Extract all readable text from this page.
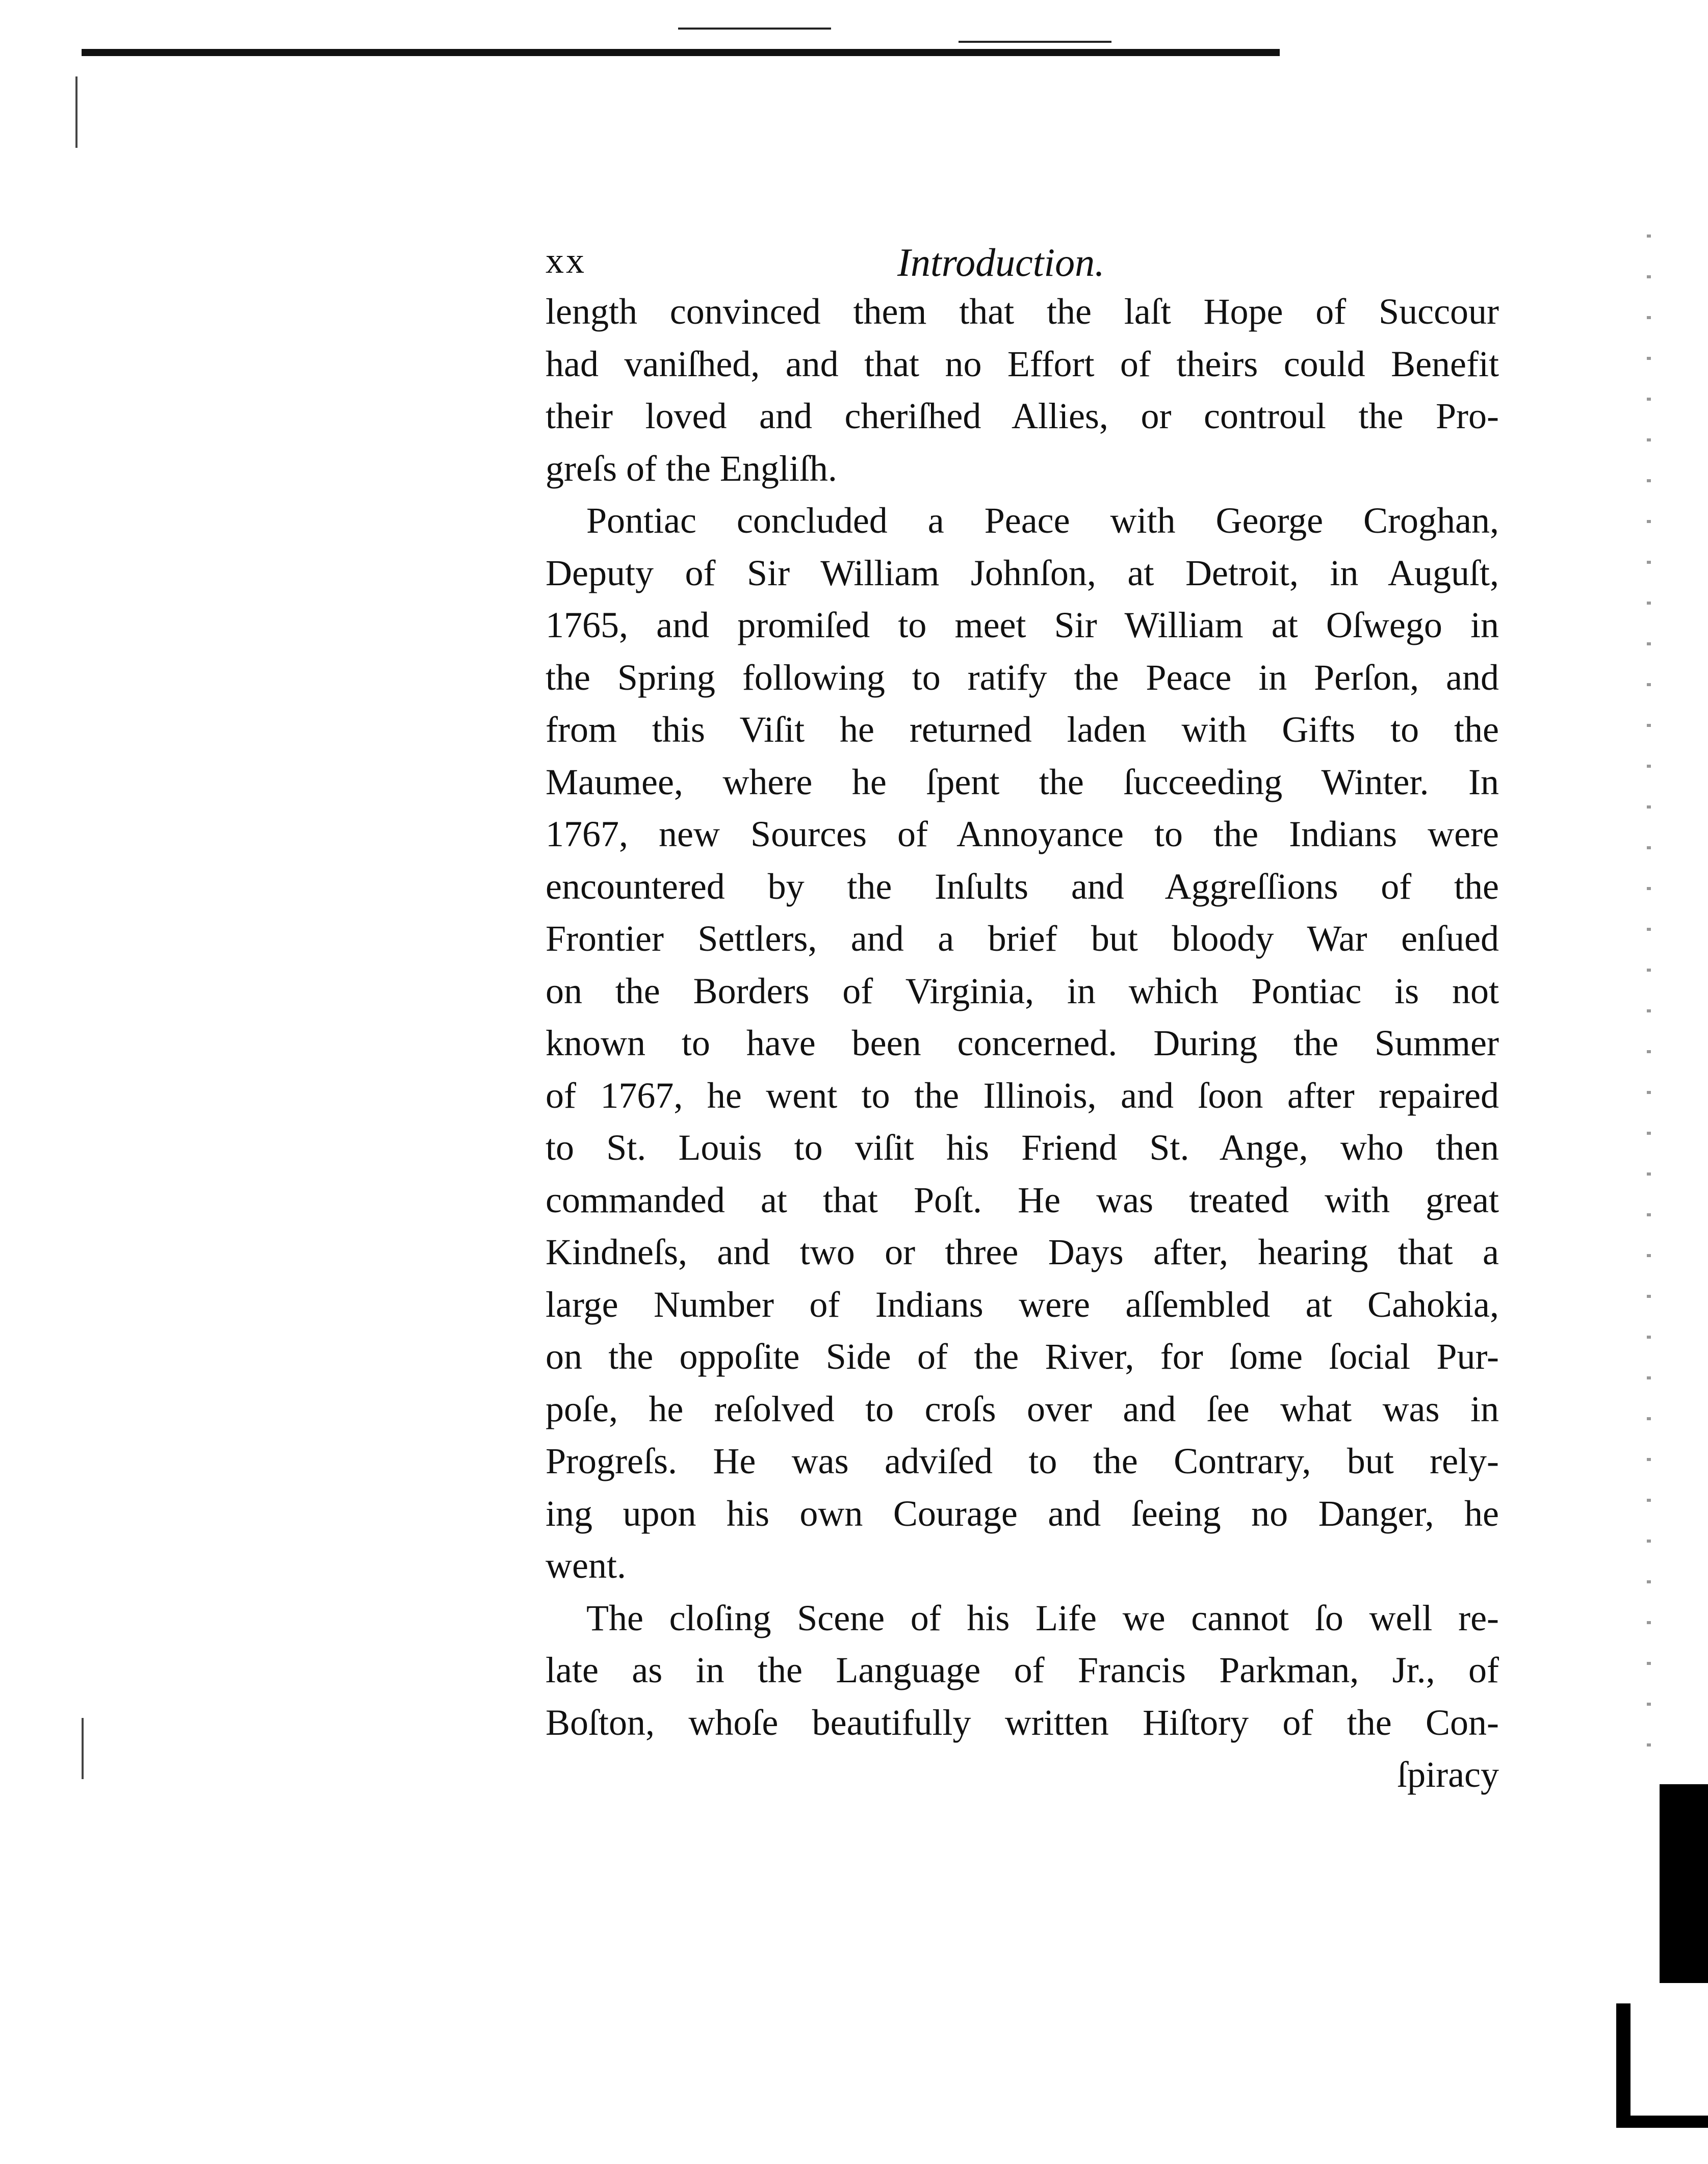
xx	Introduction.

length convinced them that the laſt Hope of Succour
had vaniſhed, and that no Effort of theirs could Benefit
their loved and cheriſhed Allies, or controul the Pro-
greſs of the Engliſh.

Pontiac concluded a Peace with George Croghan,
Deputy of Sir William Johnſon, at Detroit, in Auguſt,
1765, and promiſed to meet Sir William at Oſwego in
the Spring following to ratify the Peace in Perſon, and
from this Viſit he returned laden with Gifts to the
Maumee, where he ſpent the ſucceeding Winter. In
1767, new Sources of Annoyance to the Indians were
encountered by the Inſults and Aggreſſions of the
Frontier Settlers, and a brief but bloody War enſued
on the Borders of Virginia, in which Pontiac is not
known to have been concerned. During the Summer
of 1767, he went to the Illinois, and ſoon after repaired
to St. Louis to viſit his Friend St. Ange, who then
commanded at that Poſt. He was treated with great
Kindneſs, and two or three Days after, hearing that a
large Number of Indians were aſſembled at Cahokia,
on the oppoſite Side of the River, for ſome ſocial Pur-
poſe, he reſolved to croſs over and ſee what was in
Progreſs. He was adviſed to the Contrary, but rely-
ing upon his own Courage and ſeeing no Danger, he
went.

The cloſing Scene of his Life we cannot ſo well re-
late as in the Language of Francis Parkman, Jr., of
Boſton, whoſe beautifully written Hiſtory of the Con-

ſpiracy
